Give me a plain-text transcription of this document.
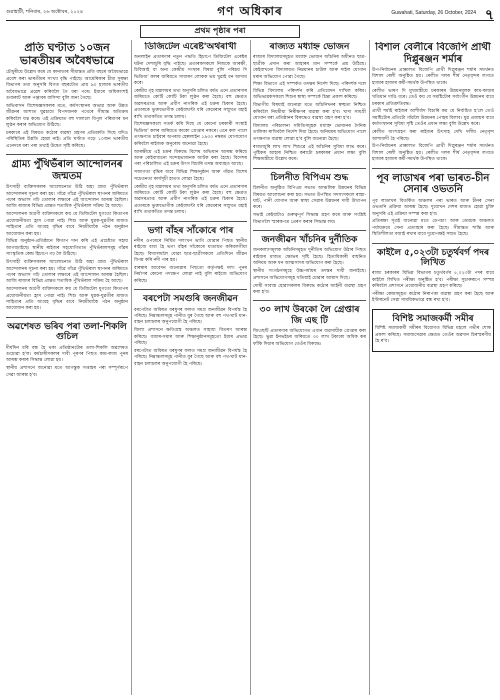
গুৱাহাটী, শনিবাৰ, ২৬ অক্টোবৰ, ২০২৪	গণ অধিকাৰ	Guwahati, Saturday, 26 October, 2024 ৭
প্ৰথম পৃষ্ঠাৰ পৰা
প্ৰতি ঘণ্টাত ১০জন ভাৰতীয়ৰ অবৈধভাৱে

চৌধুৰীয়ে উল্লেখ কৰে যে কানাডাৰ সীমান্তত প্ৰতি বছৰে অবৈধভাৱে প্ৰবেশ কৰা ভাৰতীয়ৰ সংখ্যা বৃদ্ধি পাইছে। আমেৰিকাৰ চীমা সুৰক্ষা বিভাগৰ তথ্য অনুসৰি বিগত বছৰটোত প্ৰায় ৯০ হাজাৰ ভাৰতীয় অবৈধভাৱে প্ৰৱেশ কৰিবলৈ গৈ ধৰা পৰে। ইয়াৰে অধিকাংশই গুজৰাট আৰু পঞ্জাবৰ বাসিন্দা বুলি জনা গৈছে।

অভিবাসন বিশেষজ্ঞসকলৰ মতে, কৰ্মসংস্থানৰ অভাৱ আৰু উন্নত জীৱনৰ আশাত যুৱচামে বিপদজনক পথেৰে সীমান্ত অতিক্ৰম কৰিবলৈ যত্ন কৰে। এই প্ৰক্ৰিয়াত বহু দালালে বিপুল পৰিমাণৰ ধন লুণ্ঠন কৰাৰ অভিযোগ উঠিছে।

চৰকাৰে এই বিষয়ত কঠোৰ ব্যৱস্থা গ্ৰহণৰ প্ৰতিশ্ৰুতি দিছে যদিও পৰিস্থিতিৰ উন্নতি হোৱা নাই। প্ৰতি ঘণ্টাত গড়ে ১০জন ভাৰতীয় এনেদৰে ধৰা পৰা তথ্যই উদ্বেগ সৃষ্টি কৰিছে।

গ্ৰাম্য পুঁথিভঁৰাল আন্দোলনৰ জন্মতম

উৎসাহী ব্যক্তিসকলৰ আলোচনাত উঠি অহা গ্ৰাম্য পুঁথিভঁৰাল আন্দোলনৰ সূচনা কৰা হয়। গাঁৱে গাঁৱে পুঁথিভঁৰাল স্থাপনৰ জৰিয়তে পঢ়াৰ অভ্যাস গঢ়ি তোলাৰ লক্ষ্যৰে এই আন্দোলন আৰম্ভ হৈছিল। আজি ৰাজ্যৰ বিভিন্ন প্ৰান্তত শতাধিক পুঁথিভঁৰাল সক্ৰিয় হৈ আছে।

আন্দোলনৰ অগ্ৰণী ব্যক্তিসকলে কয় যে ডিজিটেল যুগতো কিতাপৰ প্ৰয়োজনীয়তা হ্ৰাস পোৱা নাই। শিশু আৰু যুৱক-যুৱতীৰ মাজত সাহিত্যৰ প্ৰতি আগ্ৰহ বৃদ্ধিৰ বাবে নিয়মীয়াকৈ পঠন অনুষ্ঠান আয়োজন কৰা হয়।

বিভিন্ন অনুষ্ঠান-প্ৰতিষ্ঠানে কিতাপ দান কৰি এই প্ৰচেষ্টাত সহায় আগবঢ়াইছে। স্থানীয় ৰাইজৰ সহযোগিতাত পুঁথিভঁৰালসমূহ গাঁৱৰ সাংস্কৃতিক কেন্দ্ৰ হিচাপে গঢ় লৈ উঠিছে।

উৎসাহী ব্যক্তিসকলৰ আলোচনাত উঠি অহা গ্ৰাম্য পুঁথিভঁৰাল আন্দোলনৰ সূচনা কৰা হয়। গাঁৱে গাঁৱে পুঁথিভঁৰাল স্থাপনৰ জৰিয়তে পঢ়াৰ অভ্যাস গঢ়ি তোলাৰ লক্ষ্যৰে এই আন্দোলন আৰম্ভ হৈছিল। আজি ৰাজ্যৰ বিভিন্ন প্ৰান্তত শতাধিক পুঁথিভঁৰাল সক্ৰিয় হৈ আছে।

আন্দোলনৰ অগ্ৰণী ব্যক্তিসকলে কয় যে ডিজিটেল যুগতো কিতাপৰ প্ৰয়োজনীয়তা হ্ৰাস পোৱা নাই। শিশু আৰু যুৱক-যুৱতীৰ মাজত সাহিত্যৰ প্ৰতি আগ্ৰহ বৃদ্ধিৰ বাবে নিয়মীয়াকৈ পঠন অনুষ্ঠান আয়োজন কৰা হয়।

অৱশেষত ভৰিব পৰা তলা-শিকলি গুচিল

দীৰ্ঘদিন ধৰি বন্ধ হৈ থকা প্ৰতিষ্ঠানটোৰ তলা-শিকলি অৱশেষত গুচোৱা হ'ল। কৰ্মচাৰীসকলৰ দাবী পূৰণৰ পিছত কাম-কাজ পুনৰ আৰম্ভ কৰাৰ সিদ্ধান্ত লোৱা হয়।

স্থানীয় প্ৰশাসনে জনোৱা মতে আগন্তুক সপ্তাহৰ পৰা সম্পূৰ্ণৰূপে সেৱা আৰম্ভ হ'ব।

ডিজিটেল এৰেষ্ট'অৰ্থৰাখী

অনলাইন প্ৰতাৰণাৰ নতুন পদ্ধতি হিচাপে ডিজিটেল এৰেষ্টৰ ঘটনা দেশজুৰি বৃদ্ধি পাইছে। প্ৰতাৰকসকলে নিজকে আৰক্ষী, চিবিআই বা অন্য কেন্দ্ৰীয় সংস্থাৰ বিষয়া বুলি পৰিচয় দি ভিডিঅ' কলৰ জৰিয়তে সাধাৰণ লোকক ভয় খুৱাই ধন আদায় কৰে।

কেন্দ্ৰীয় গৃহ মন্ত্ৰালয়ৰ তথ্য অনুসৰি চলিত বৰ্ষত এনে প্ৰতাৰণাৰ জৰিয়তে কোটি কোটি টকা লুণ্ঠন কৰা হৈছে। বহু ক্ষেত্ৰত অৱসৰপ্ৰাপ্ত আৰু প্ৰবীণ নাগৰিক এই চক্ৰৰ চিকাৰ হৈছে। প্ৰতাৰকে ভুক্তভোগীক কেইবাঘণ্টা ধৰি কেমেৰাৰ সন্মুখত বহাই ৰাখি তথাকথিত তদন্ত চলায়।

বিশেষজ্ঞসকলে সতৰ্ক কৰি দিছে যে কোনো চৰকাৰী সংস্থাই ভিডিঅ' কলৰ জৰিয়তে কাকো গ্ৰেপ্তাৰ নকৰে। এনে কল পালে তৎক্ষণাত চাইবাৰ অপৰাধ হেল্পলাইন ১৯৩০ নম্বৰত যোগাযোগ কৰিবলৈ ৰাইজক অনুৰোধ জনোৱা হৈছে।

আৰক্ষীয়ে এই চক্ৰৰ বিৰুদ্ধে বিশেষ অভিযান আৰম্ভ কৰিছে আৰু কেইবাজনো সন্দেহভাজনক আটক কৰা হৈছে। বিদেশৰ পৰা পৰিচালিত এই চক্ৰৰ উৎস বিচাৰি তদন্ত অব্যাহত আছে।

সজাগতা বৃদ্ধিৰ বাবে বিভিন্ন শিক্ষানুষ্ঠান আৰু গাঁৱত বিশেষ সচেতনতা কাৰ্যসূচী হাতত লোৱা হৈছে।

কেন্দ্ৰীয় গৃহ মন্ত্ৰালয়ৰ তথ্য অনুসৰি চলিত বৰ্ষত এনে প্ৰতাৰণাৰ জৰিয়তে কোটি কোটি টকা লুণ্ঠন কৰা হৈছে। বহু ক্ষেত্ৰত অৱসৰপ্ৰাপ্ত আৰু প্ৰবীণ নাগৰিক এই চক্ৰৰ চিকাৰ হৈছে। প্ৰতাৰকে ভুক্তভোগীক কেইবাঘণ্টা ধৰি কেমেৰাৰ সন্মুখত বহাই ৰাখি তথাকথিত তদন্ত চলায়।

ভগা বাঁহৰ সাঁকোৰে পাৰ

নদীৰ ওপৰেৰে নিৰ্মিত দলংখন ভাগি যোৱাৰ পিছত স্থানীয় ৰাইজে বাধ্য হৈ ভগা বাঁহৰ সাঁকোৰে যাতায়ত কৰিবলগীয়া হৈছে। বিদ্যালয়লৈ যোৱা ছাত্ৰ-ছাত্ৰীসকলে প্ৰতিদিনে জীৱন বিপন্ন কৰি নদী পাৰ হয়।

বাৰম্বাৰ আবেদন জনোৱাৰ পিছতো কৰ্তৃপক্ষই দলং পুনৰ নিৰ্মাণৰ কোনো পদক্ষেপ লোৱা নাই বুলি ৰাইজে অভিযোগ কৰিছে।

বৰপেটা সমগুৰি জনজীৱন

বৰপেটাত অবিৰত বৰষুণৰ ফলত সমগ্ৰ জনজীৱন বিপৰ্যস্ত হৈ পৰিছে। নিম্নাঞ্চলসমূহ পানীত বুৰ গৈছে আৰু বহু পথ-ঘাট যান-বাহন চলাচলৰ অনুপযোগী হৈ পৰিছে।

জিলা প্ৰশাসনে ক্ষতিগ্ৰস্ত অঞ্চলত সাহায্য বিতৰণ আৰম্ভ কৰিছে। বজাৰ-সমাৰ আৰু শিক্ষানুষ্ঠানসমূহতো ইয়াৰ প্ৰভাৱ পৰিছে।

বৰপেটাত অবিৰত বৰষুণৰ ফলত সমগ্ৰ জনজীৱন বিপৰ্যস্ত হৈ পৰিছে। নিম্নাঞ্চলসমূহ পানীত বুৰ গৈছে আৰু বহু পথ-ঘাট যান-বাহন চলাচলৰ অনুপযোগী হৈ পৰিছে।

ৰাজ্যত মধ্যাহ্ন ভোজন

ৰাজ্যৰ বিদ্যালয়সমূহত মধ্যাহ্ন ভোজন আঁচনিৰ অধীনত ছাত্ৰ-ছাত্ৰীক প্ৰদান কৰা আহাৰৰ মান সম্পৰ্কে প্ৰশ্ন উঠিছে। কেইবাখনো বিদ্যালয়ত নিম্নমানৰ চাউল আৰু দাইল যোগান ধৰাৰ অভিযোগ পোৱা গৈছে।

শিক্ষা বিভাগে এই সম্পৰ্কত তদন্তৰ নিৰ্দেশ দিছে। পৰিদৰ্শক দলে বিভিন্ন বিদ্যালয় পৰিদৰ্শন কৰি প্ৰতিবেদন দাখিল কৰিব। অভিভাৱকসকলে শিশুৰ স্বাস্থ্য সম্পৰ্কে চিন্তা প্ৰকাশ কৰিছে।

বিভাগীয় বিষয়াই জনোৱা মতে আঁচনিখনৰ স্বচ্ছতা নিশ্চিত কৰিবলৈ নিয়মীয়া নিৰীক্ষণৰ ব্যৱস্থা কৰা হ'ব। খাদ্য সামগ্ৰী যোগান ধৰা প্ৰতিষ্ঠানৰ বিৰুদ্ধেও ব্যৱস্থা গ্ৰহণ কৰা হ'ব।

বিদ্যালয় পৰিচালনা সমিতিসমূহক মধ্যাহ্ন ভোজনৰ দৈনিক তালিকা ৰাখিবলৈ নিৰ্দেশ দিয়া হৈছে। অনিয়মৰ অভিযোগ পালে তৎক্ষণাত ব্যৱস্থা লোৱা হ'ব বুলি জনোৱা হৈছে।

ৰাজ্যজুৰি লাখ লাখ শিশুৱে এই আঁচনিৰ সুবিধা লাভ কৰে। পুষ্টিকৰ আহাৰ নিশ্চিত কৰাটো চৰকাৰৰ প্ৰধান লক্ষ্য বুলি শিক্ষামন্ত্ৰীয়ে উল্লেখ কৰে।

চিলনীত বিপিএম শুদ্ধ

চিলনীত অনুষ্ঠিত বিপিএম সভাত আঞ্চলিক উন্নয়নৰ বিভিন্ন বিষয়ত আলোচনা কৰা হয়। সভাত উপস্থিত সদস্যসকলে ৰাস্তা-ঘাট, পানী যোগান আৰু স্বাস্থ্য সেৱাৰ উন্নয়নৰ দাবী উত্থাপন কৰে।

সভাই কেইবাটাও গুৰুত্বপূৰ্ণ সিদ্ধান্ত গ্ৰহণ কৰে আৰু সংশ্লিষ্ট বিভাগলৈ স্মাৰকপত্ৰ প্ৰেৰণ কৰাৰ সিদ্ধান্ত লয়।

জনজীৱন খাঁচনিৰ দুৰ্নীতিক

জনকল্যাণমূলক আঁচনিসমূহত দুৰ্নীতিৰ অভিযোগ উঠাৰ পিছত ৰাইজৰ মাজত ক্ষোভৰ সৃষ্টি হৈছে। হিতাধিকাৰী বাছনিত অনিয়ম আৰু ধন আত্মসাৎৰ অভিযোগ কৰা হৈছে।

স্থানীয় সংগঠনসমূহে উচ্চপৰ্যায়ৰ তদন্তৰ দাবী জনাইছে। প্ৰশাসনে অভিযোগসমূহ খতিয়াই চোৱাৰ আশ্বাস দিছে।

দোষী সাব্যস্ত হোৱাসকলৰ বিৰুদ্ধে কঠোৰ আইনী ব্যৱস্থা গ্ৰহণ কৰা হ'ব।

৩০ লাখ উৰকো লৈ গ্ৰেপ্তাৰ জি এছ টি

জিএছটি প্ৰতাৰণাৰ অভিযোগত এজন ব্যৱসায়ীক গ্ৰেপ্তাৰ কৰা হৈছে। ভুৱা ইনভইচৰ জৰিয়তে ৩০ লাখ টকাৰো অধিক কৰ ফাঁকি দিয়াৰ অভিযোগ তেওঁৰ বিৰুদ্ধে।

বিশাল বেলীৰে বিজেপি প্ৰাৰ্থী দিপ্লুৰঞ্জন শৰ্মাৰ

উপ-নিৰ্বাচনৰ প্ৰাক্কালত বিজেপি প্ৰাৰ্থী দিপ্লুৰঞ্জন শৰ্মাৰ সমৰ্থনত বিশাল ৰেলী অনুষ্ঠিত হয়। ৰেলীত দলৰ শীৰ্ষ নেতৃবৃন্দৰ লগতে হাজাৰ হাজাৰ কৰ্মী-সমৰ্থক উপস্থিত থাকে।

ৰেলীত ভাষণ দি মুখ্যমন্ত্ৰীয়ে চৰকাৰৰ উন্নয়নমূলক কাম-কাজৰ খতিয়ান দাঙি ধৰে। তেওঁ কয় যে সমষ্টিটোৰ সৰ্বাংগীন উন্নয়নৰ বাবে চৰকাৰ প্ৰতিশ্ৰুতিবদ্ধ।

প্ৰাৰ্থী শৰ্মাই ৰাইজৰ আশীৰ্বাদ বিচাৰি কয় যে নিৰ্বাচিত হ'লে তেওঁ সমষ্টিটোৰ প্ৰতিটো গাঁৱলৈ উন্নয়নৰ পোহৰ বিলাব। যুৱ প্ৰজন্মৰ বাবে কৰ্মসংস্থানৰ সুবিধা সৃষ্টি তেওঁৰ প্ৰধান লক্ষ্য বুলি উল্লেখ কৰে।

ৰেলীত অংশগ্ৰহণ কৰা ৰাইজৰ উৎসাহ দেখি দলীয় নেতৃবৃন্দ আশাবাদী হৈ পৰিছে।

উপ-নিৰ্বাচনৰ প্ৰাক্কালত বিজেপি প্ৰাৰ্থী দিপ্লুৰঞ্জন শৰ্মাৰ সমৰ্থনত বিশাল ৰেলী অনুষ্ঠিত হয়। ৰেলীত দলৰ শীৰ্ষ নেতৃবৃন্দৰ লগতে হাজাৰ হাজাৰ কৰ্মী-সমৰ্থক উপস্থিত থাকে।

পূব লাডাখৰ পৰা ভাৰত-চীন সেনাৰ ওভতনি

পূব লাডাখৰ বিতৰ্কিত অঞ্চলৰ পৰা ভাৰত আৰু চীনৰ সেনা ওভতনি প্ৰক্ৰিয়া আৰম্ভ হৈছে। দুয়োখন দেশৰ মাজত হোৱা চুক্তি অনুসৰি এই প্ৰক্ৰিয়া সম্পন্ন কৰা হ'ব।

প্ৰতিৰক্ষা সূত্ৰই জনোৱা মতে ডেপচাং আৰু ডেমচক অঞ্চলত পৰ্যায়ক্ৰমে সেনা প্ৰত্যাহাৰ কৰা হৈছে। সীমান্তত শান্তি আৰু স্থিতিশীলতা বজাই ৰখাৰ বাবে দুয়োপক্ষই সন্মত হৈছে।

কাইলৈ ৫,০২৩টা চতুৰ্থবৰ্গ পদৰ লিখিত

ৰাজ্য চৰকাৰৰ বিভিন্ন বিভাগৰ চতুৰ্থবৰ্গৰ ৫,০২৩টা পদৰ বাবে কাইলৈ লিখিত পৰীক্ষা অনুষ্ঠিত হ'ব। পৰীক্ষা সুচাৰুৰূপে সম্পন্ন কৰিবলৈ প্ৰশাসনে প্ৰয়োজনীয় ব্যৱস্থা গ্ৰহণ কৰিছে।

পৰীক্ষা কেন্দ্ৰসমূহত কঠোৰ নিৰাপত্তা ব্যৱস্থা গ্ৰহণ কৰা হৈছে আৰু ইণ্টাৰনেট সেৱা সাময়িকভাৱে বন্ধ ৰখা হ'ব।

বিশিষ্ট সমাজকৰ্মী সমীৰ

বিশিষ্ট সমাজকৰ্মী সমীৰৰ বিয়োগত বিভিন্ন মহলে গভীৰ শোক প্ৰকাশ কৰিছে। সমাজসেৱাৰ ক্ষেত্ৰত তেওঁৰ অৱদান চিৰস্মৰণীয় হৈ ৰ'ব।
